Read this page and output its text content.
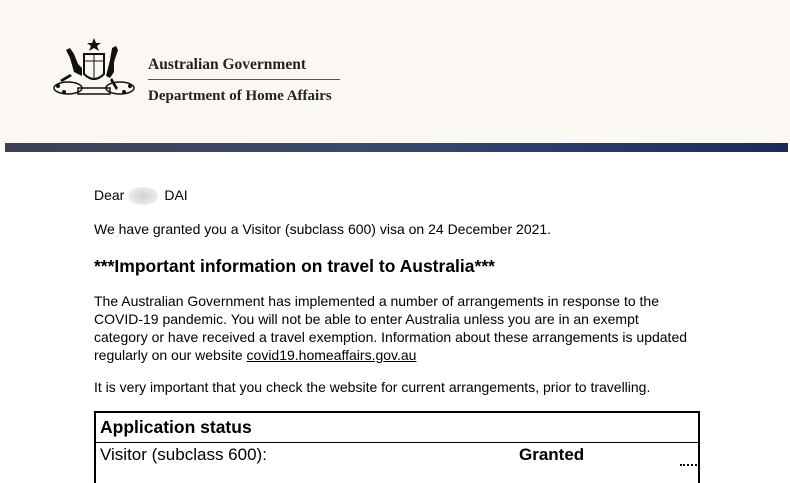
Australian Government
Department of Home Affairs
Dear	DAI
We have granted you a Visitor (subclass 600) visa on 24 December 2021.
***Important information on travel to Australia***
The Australian Government has implemented a number of arrangements in response to the COVID-19 pandemic. You will not be able to enter Australia unless you are in an exempt category or have received a travel exemption. Information about these arrangements is updated regularly on our website covid19.homeaffairs.gov.au
It is very important that you check the website for current arrangements, prior to travelling.
Application status
Visitor (subclass 600):	Granted
